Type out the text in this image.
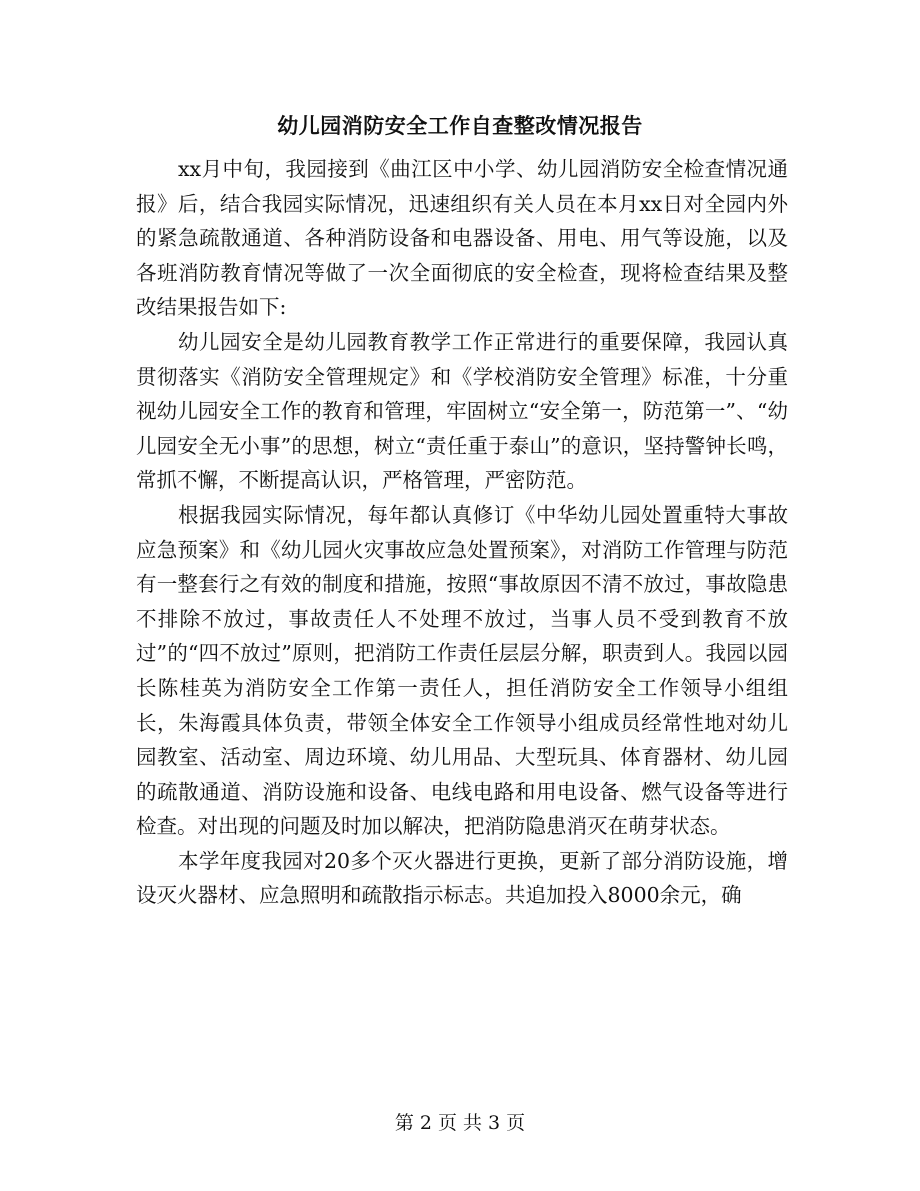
幼儿园消防安全工作自查整改情况报告

xx月中旬，我园接到《曲江区中小学、幼儿园消防安全检查情况通报》后，结合我园实际情况，迅速组织有关人员在本月xx日对全园内外的紧急疏散通道、各种消防设备和电器设备、用电、用气等设施，以及各班消防教育情况等做了一次全面彻底的安全检查，现将检查结果及整改结果报告如下:

幼儿园安全是幼儿园教育教学工作正常进行的重要保障，我园认真贯彻落实《消防安全管理规定》和《学校消防安全管理》标准，十分重视幼儿园安全工作的教育和管理，牢固树立“安全第一，防范第一”、“幼儿园安全无小事”的思想，树立“责任重于泰山”的意识，坚持警钟长鸣，常抓不懈，不断提高认识，严格管理，严密防范。

根据我园实际情况，每年都认真修订《中华幼儿园处置重特大事故应急预案》和《幼儿园火灾事故应急处置预案》，对消防工作管理与防范有一整套行之有效的制度和措施，按照“事故原因不清不放过，事故隐患不排除不放过，事故责任人不处理不放过，当事人员不受到教育不放过”的“四不放过”原则，把消防工作责任层层分解，职责到人。我园以园长陈桂英为消防安全工作第一责任人，担任消防安全工作领导小组组长，朱海霞具体负责，带领全体安全工作领导小组成员经常性地对幼儿园教室、活动室、周边环境、幼儿用品、大型玩具、体育器材、幼儿园的疏散通道、消防设施和设备、电线电路和用电设备、燃气设备等进行检查。对出现的问题及时加以解决，把消防隐患消灭在萌芽状态。

本学年度我园对20多个灭火器进行更换，更新了部分消防设施，增设灭火器材、应急照明和疏散指示标志。共追加投入8000余元，确

第 2 页 共 3 页
